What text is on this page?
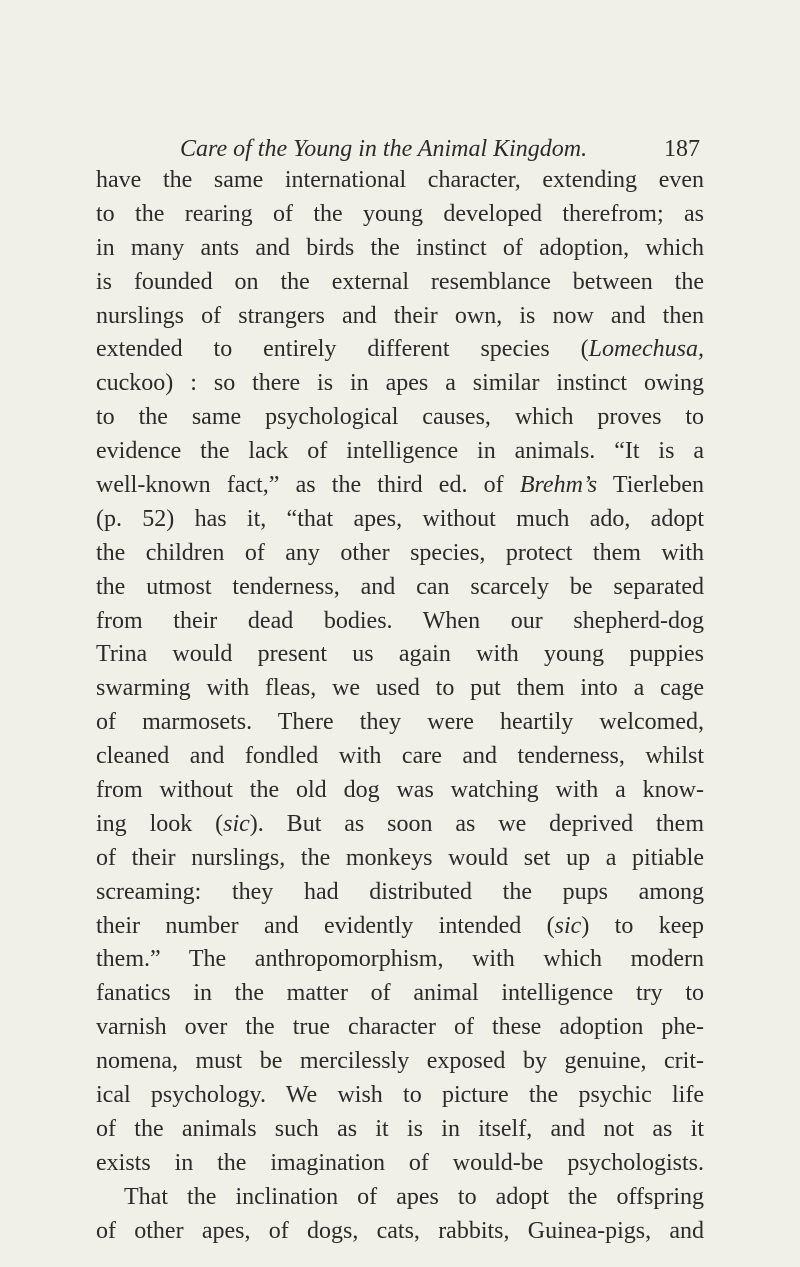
Care of the Young in the Animal Kingdom.	187
have the same international character, extending even
to the rearing of the young developed therefrom; as
in many ants and birds the instinct of adoption, which
is founded on the external resemblance between the
nurslings of strangers and their own, is now and then
extended to entirely different species (Lomechusa,
cuckoo) : so there is in apes a similar instinct owing
to the same psychological causes, which proves to
evidence the lack of intelligence in animals. “It is a
well-known fact,” as the third ed. of Brehm’s Tierleben
(p. 52) has it, “that apes, without much ado, adopt
the children of any other species, protect them with
the utmost tenderness, and can scarcely be separated
from their dead bodies. When our shepherd-dog
Trina would present us again with young puppies
swarming with fleas, we used to put them into a cage
of marmosets. There they were heartily welcomed,
cleaned and fondled with care and tenderness, whilst
from without the old dog was watching with a know-
ing look (sic). But as soon as we deprived them
of their nurslings, the monkeys would set up a pitiable
screaming: they had distributed the pups among
their number and evidently intended (sic) to keep
them.” The anthropomorphism, with which modern
fanatics in the matter of animal intelligence try to
varnish over the true character of these adoption phe-
nomena, must be mercilessly exposed by genuine, crit-
ical psychology. We wish to picture the psychic life
of the animals such as it is in itself, and not as it
exists in the imagination of would-be psychologists.
That the inclination of apes to adopt the offspring
of other apes, of dogs, cats, rabbits, Guinea-pigs, and
